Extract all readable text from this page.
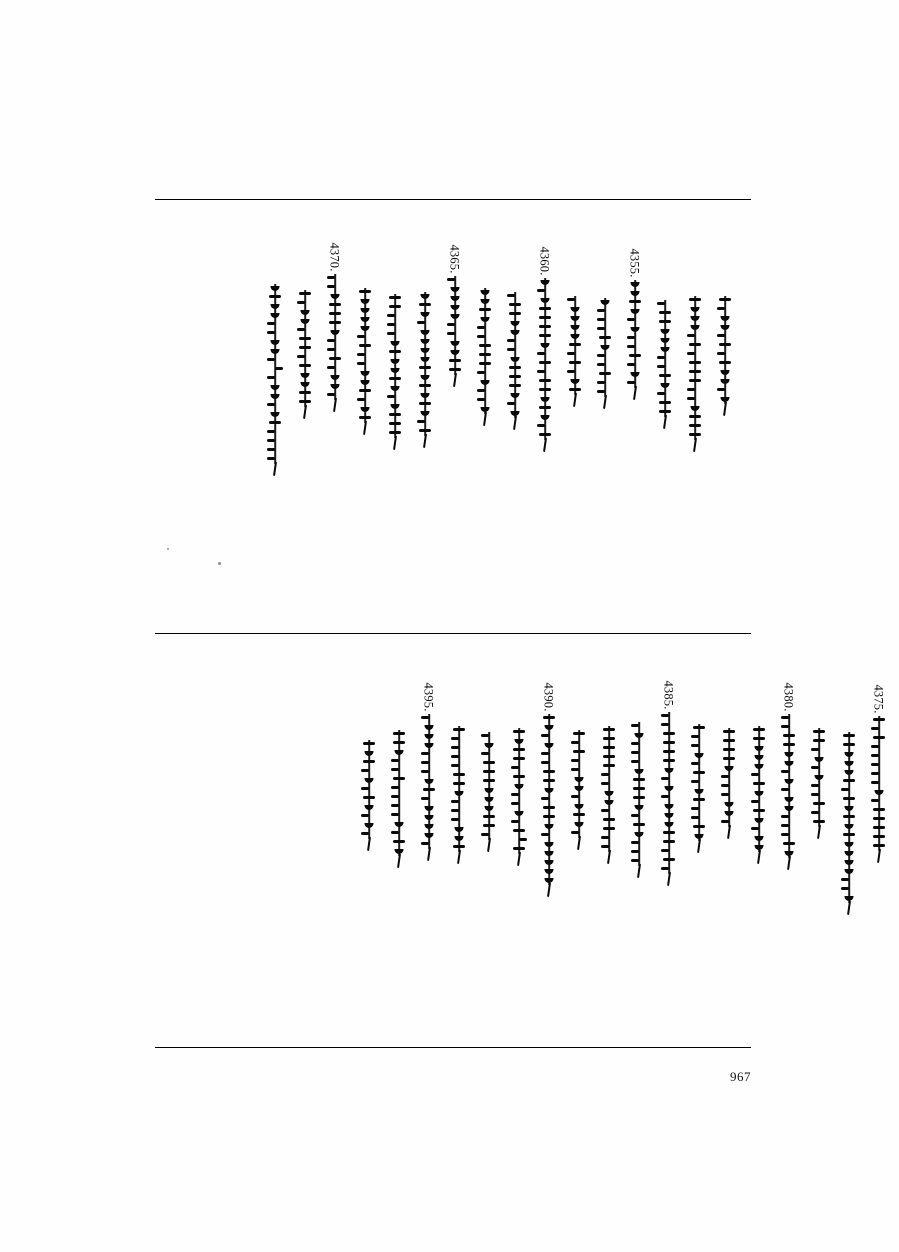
4370.	4365.	4360.	4355.
4395.	4390.	4385.	4380.	4375.
967
